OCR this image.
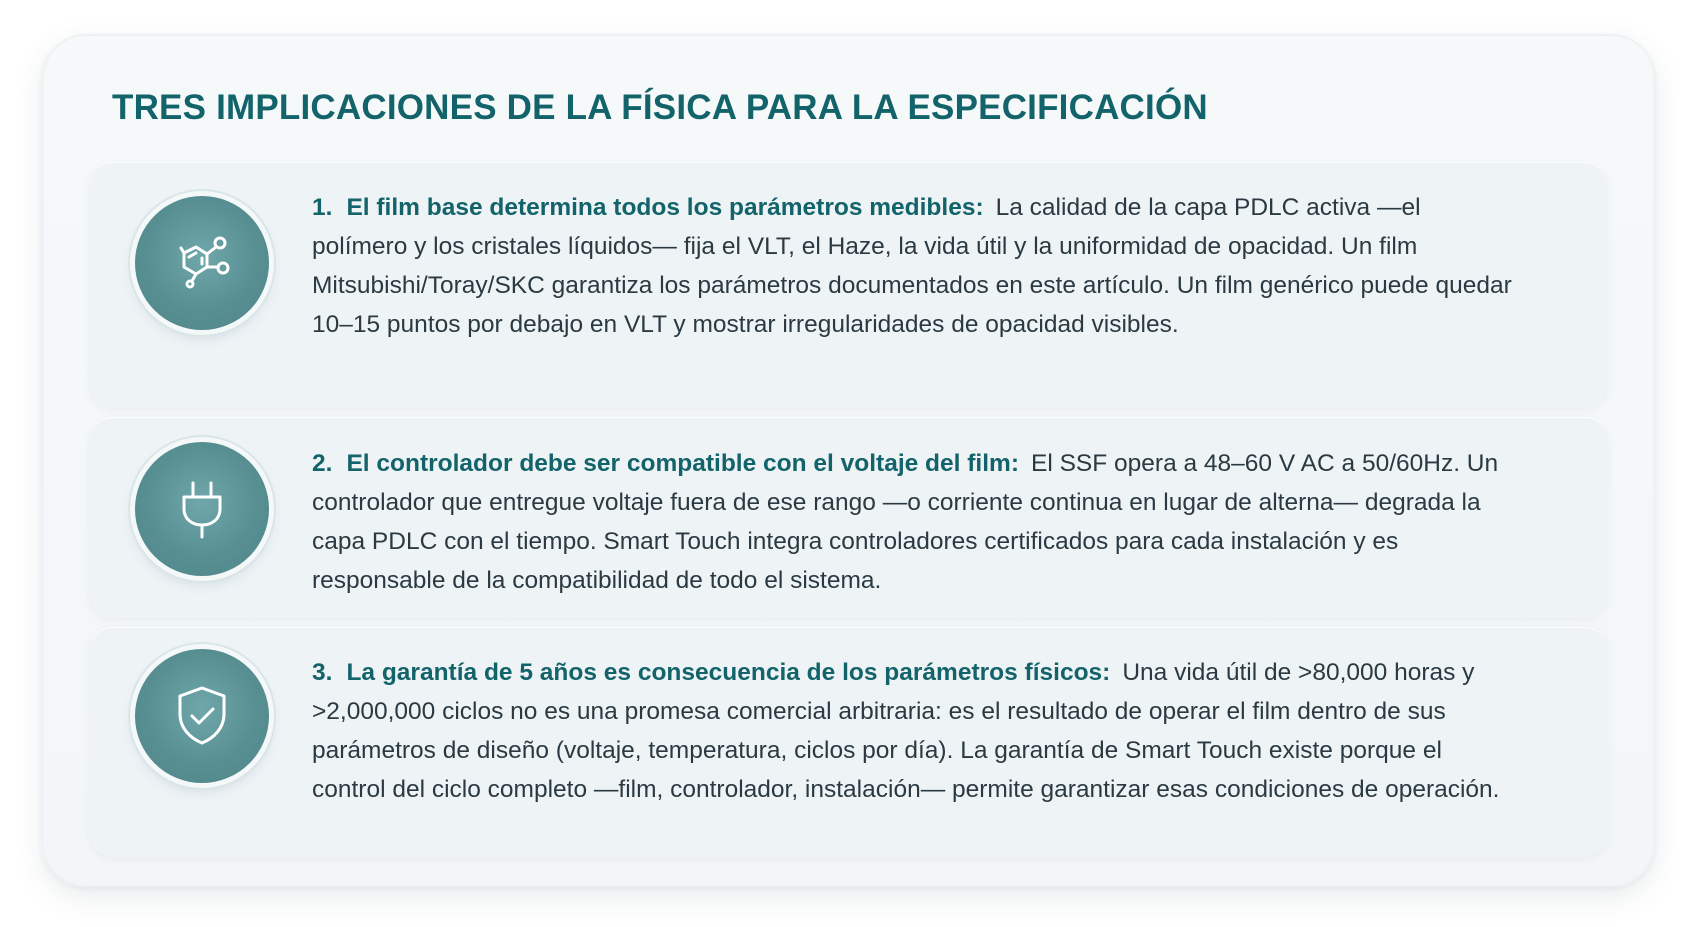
TRES IMPLICACIONES DE LA FÍSICA PARA LA ESPECIFICACIÓN

1. El film base determina todos los parámetros medibles: La calidad de la capa PDLC activa —el polímero y los cristales líquidos— fija el VLT, el Haze, la vida útil y la uniformidad de opacidad. Un film Mitsubishi/Toray/SKC garantiza los parámetros documentados en este artículo. Un film genérico puede quedar 10–15 puntos por debajo en VLT y mostrar irregularidades de opacidad visibles.

2. El controlador debe ser compatible con el voltaje del film: El SSF opera a 48–60 V AC a 50/60Hz. Un controlador que entregue voltaje fuera de ese rango —o corriente continua en lugar de alterna— degrada la capa PDLC con el tiempo. Smart Touch integra controladores certificados para cada instalación y es responsable de la compatibilidad de todo el sistema.

3. La garantía de 5 años es consecuencia de los parámetros físicos: Una vida útil de >80,000 horas y >2,000,000 ciclos no es una promesa comercial arbitraria: es el resultado de operar el film dentro de sus parámetros de diseño (voltaje, temperatura, ciclos por día). La garantía de Smart Touch existe porque el control del ciclo completo —film, controlador, instalación— permite garantizar esas condiciones de operación.
